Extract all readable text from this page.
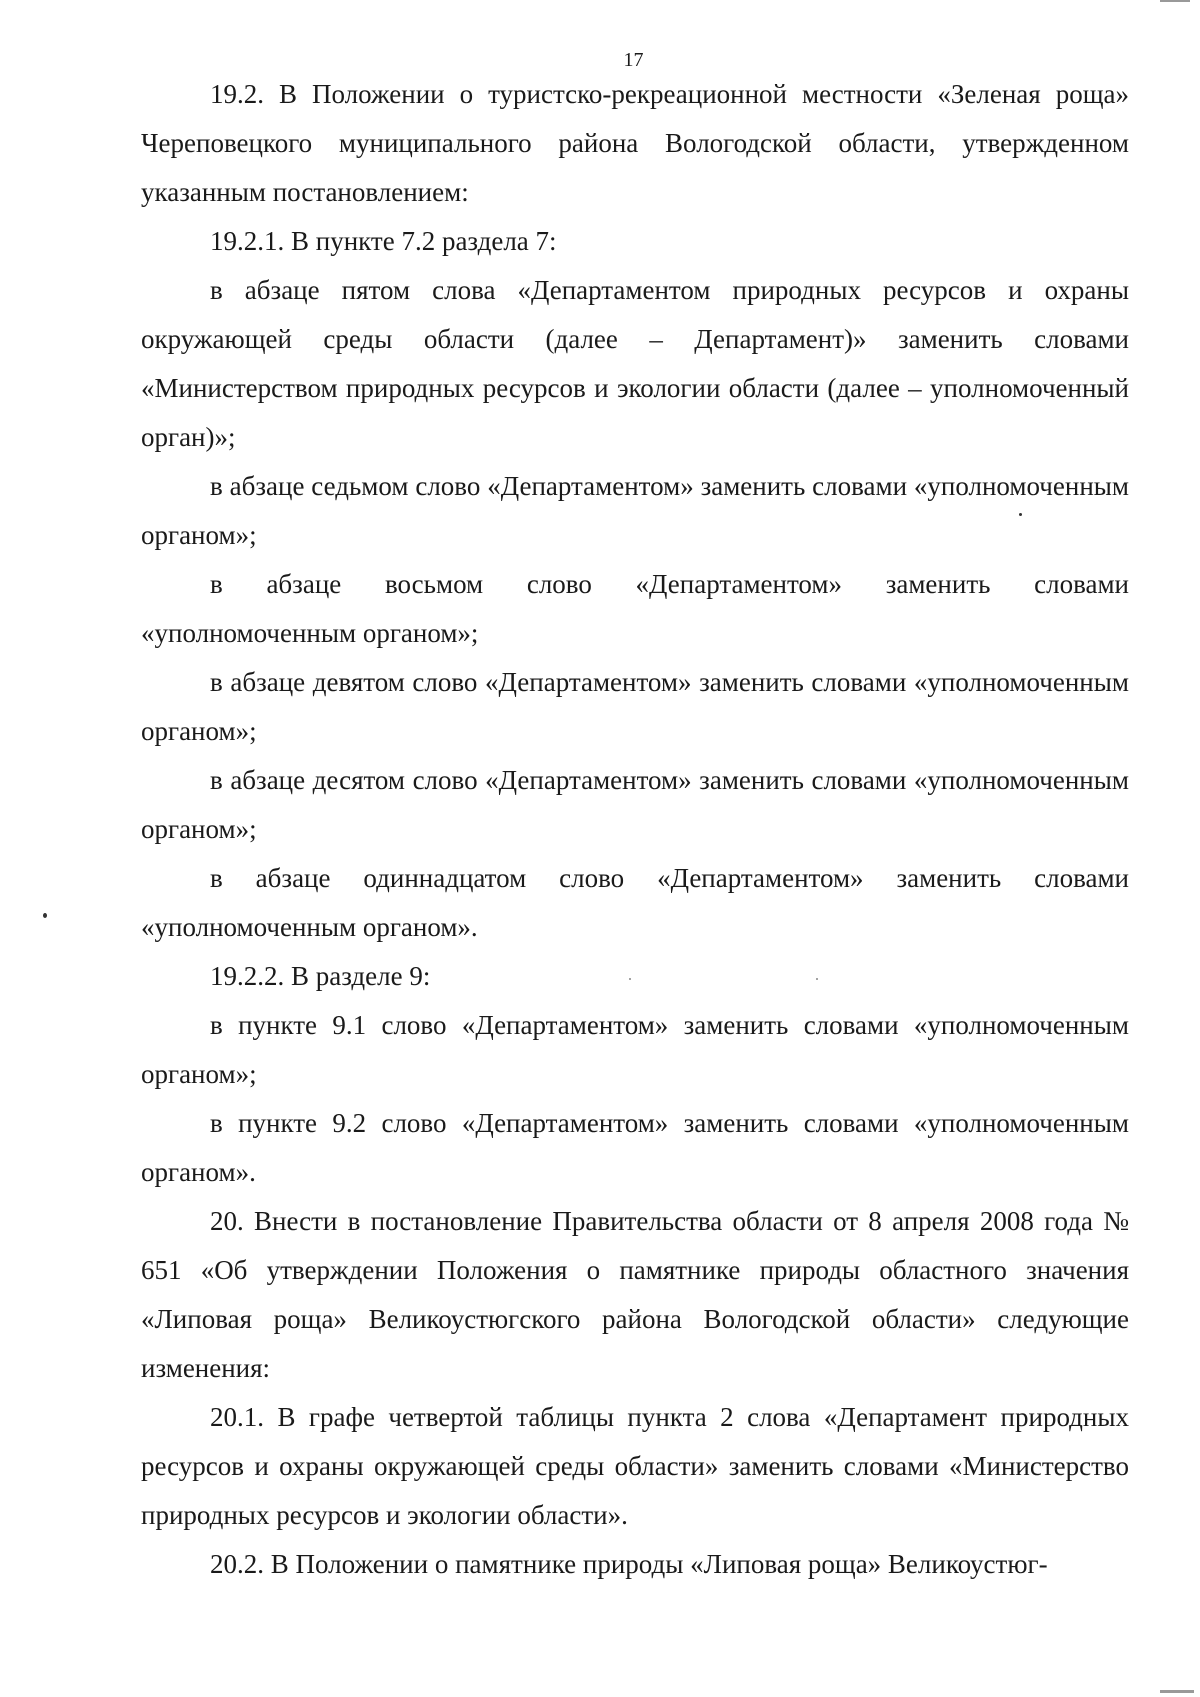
17

19.2. В Положении о туристско-рекреационной местности «Зеленая роща» Череповецкого муниципального района Вологодской области, утвержденном указанным постановлением:

19.2.1. В пункте 7.2 раздела 7:

в абзаце пятом слова «Департаментом природных ресурсов и охраны окружающей среды области (далее – Департамент)» заменить словами «Министерством природных ресурсов и экологии области (далее – уполномоченный орган)»;

в абзаце седьмом слово «Департаментом» заменить словами «уполномоченным органом»;

в абзаце восьмом слово «Департаментом» заменить словами «уполномоченным органом»;

в абзаце девятом слово «Департаментом» заменить словами «уполномоченным органом»;

в абзаце десятом слово «Департаментом» заменить словами «уполномоченным органом»;

в абзаце одиннадцатом слово «Департаментом» заменить словами «уполномоченным органом».

19.2.2. В разделе 9:

в пункте 9.1 слово «Департаментом» заменить словами «уполномоченным органом»;

в пункте 9.2 слово «Департаментом» заменить словами «уполномоченным органом».

20. Внести в постановление Правительства области от 8 апреля 2008 года № 651 «Об утверждении Положения о памятнике природы областного значения «Липовая роща» Великоустюгского района Вологодской области» следующие изменения:

20.1. В графе четвертой таблицы пункта 2 слова «Департамент природных ресурсов и охраны окружающей среды области» заменить словами «Министерство природных ресурсов и экологии области».

20.2. В Положении о памятнике природы «Липовая роща» Великоустюг-
